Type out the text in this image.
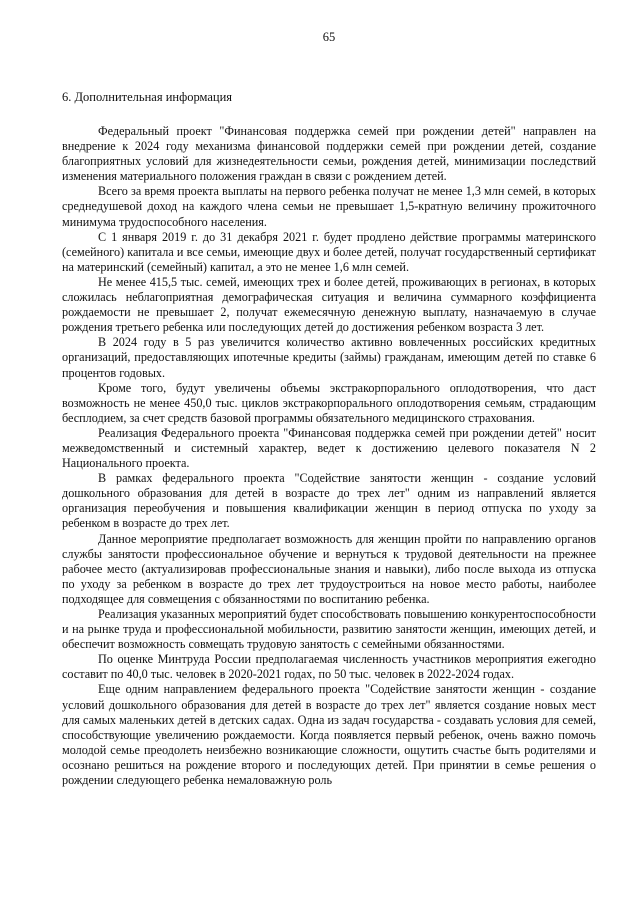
65
6. Дополнительная информация

Федеральный проект "Финансовая поддержка семей при рождении детей" направлен на внедрение к 2024 году механизма финансовой поддержки семей при рождении детей, создание благоприятных условий для жизнедеятельности семьи, рождения детей, минимизации последствий изменения материального положения граждан в связи с рождением детей.

Всего за время проекта выплаты на первого ребенка получат не менее 1,3 млн семей, в которых среднедушевой доход на каждого члена семьи не превышает 1,5-кратную величину прожиточного минимума трудоспособного населения.

С 1 января 2019 г. до 31 декабря 2021 г. будет продлено действие программы материнского (семейного) капитала и все семьи, имеющие двух и более детей, получат государственный сертификат на материнский (семейный) капитал, а это не менее 1,6 млн семей.

Не менее 415,5 тыс. семей, имеющих трех и более детей, проживающих в регионах, в которых сложилась неблагоприятная демографическая ситуация и величина суммарного коэффициента рождаемости не превышает 2, получат ежемесячную денежную выплату, назначаемую в случае рождения третьего ребенка или последующих детей до достижения ребенком возраста 3 лет.

В 2024 году в 5 раз увеличится количество активно вовлеченных российских кредитных организаций, предоставляющих ипотечные кредиты (займы) гражданам, имеющим детей по ставке 6 процентов годовых.

Кроме того, будут увеличены объемы экстракорпорального оплодотворения, что даст возможность не менее 450,0 тыс. циклов экстракорпорального оплодотворения семьям, страдающим бесплодием, за счет средств базовой программы обязательного медицинского страхования.

Реализация Федерального проекта "Финансовая поддержка семей при рождении детей" носит межведомственный и системный характер, ведет к достижению целевого показателя N 2 Национального проекта.

В рамках федерального проекта "Содействие занятости женщин - создание условий дошкольного образования для детей в возрасте до трех лет" одним из направлений является организация переобучения и повышения квалификации женщин в период отпуска по уходу за ребенком в возрасте до трех лет.

Данное мероприятие предполагает возможность для женщин пройти по направлению органов службы занятости профессиональное обучение и вернуться к трудовой деятельности на прежнее рабочее место (актуализировав профессиональные знания и навыки), либо после выхода из отпуска по уходу за ребенком в возрасте до трех лет трудоустроиться на новое место работы, наиболее подходящее для совмещения с обязанностями по воспитанию ребенка.

Реализация указанных мероприятий будет способствовать повышению конкурентоспособности и на рынке труда и профессиональной мобильности, развитию занятости женщин, имеющих детей, и обеспечит возможность совмещать трудовую занятость с семейными обязанностями.

По оценке Минтруда России предполагаемая численность участников мероприятия ежегодно составит по 40,0 тыс. человек в 2020-2021 годах, по 50 тыс. человек в 2022-2024 годах.

Еще одним направлением федерального проекта "Содействие занятости женщин - создание условий дошкольного образования для детей в возрасте до трех лет" является создание новых мест для самых маленьких детей в детских садах. Одна из задач государства - создавать условия для семей, способствующие увеличению рождаемости. Когда появляется первый ребенок, очень важно помочь молодой семье преодолеть неизбежно возникающие сложности, ощутить счастье быть родителями и осознано решиться на рождение второго и последующих детей. При принятии в семье решения о рождении следующего ребенка немаловажную роль
